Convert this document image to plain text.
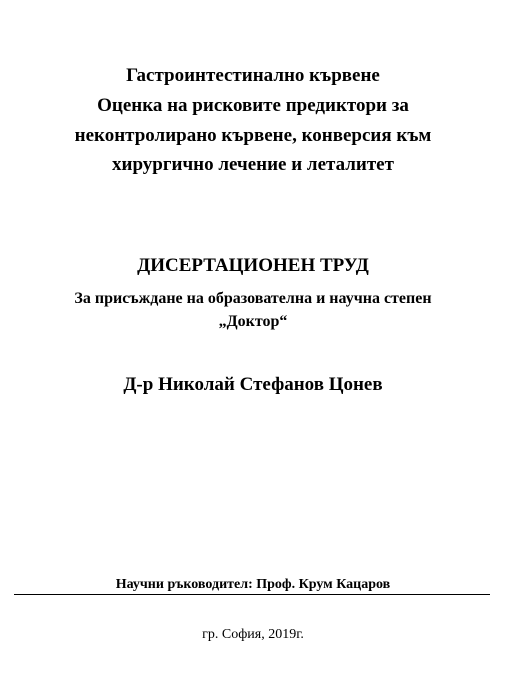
Гастроинтестинално кървене
Оценка на рисковите предиктори за
неконтролирано кървене, конверсия към
хирургично лечение и леталитет
ДИСЕРТАЦИОНЕН ТРУД
За присъждане на образователна и научна степен
„Доктор“
Д-р Николай Стефанов Цонев
Научни ръководител: Проф. Крум Кацаров
гр. София, 2019г.
